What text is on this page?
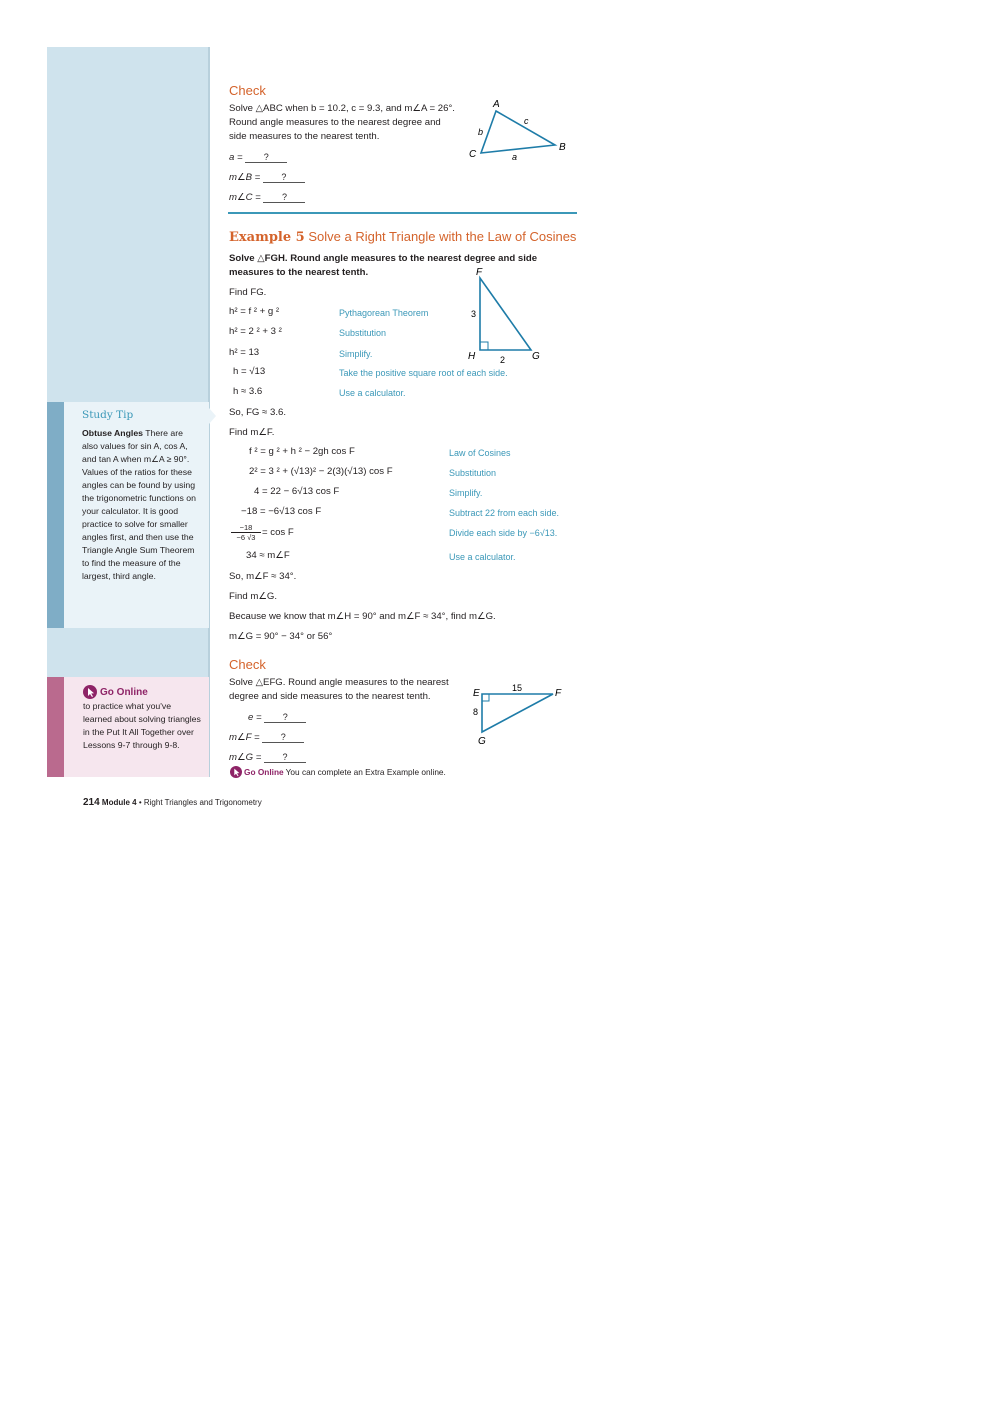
Study Tip
Obtuse Angles There are also values for sin A, cos A, and tan A when m∠A ≥ 90°. Values of the ratios for these angles can be found by using the trigonometric functions on your calculator. It is good practice to solve for smaller angles first, and then use the Triangle Angle Sum Theorem to find the measure of the largest, third angle.
Go Online
to practice what you've learned about solving triangles in the Put It All Together over Lessons 9-7 through 9-8.
Check
Solve △ABC when b = 10.2, c = 9.3, and m∠A = 26°.
Round angle measures to the nearest degree and
side measures to the nearest tenth.
a = ?
m∠B = ?
m∠C = ?
A
B
C	a
b
c
Example 5 Solve a Right Triangle with the Law of Cosines
Solve △FGH. Round angle measures to the nearest degree and side
measures to the nearest tenth.
Find FG.
h² = f ² + g ²	Pythagorean Theorem
h² = 2 ² + 3 ²	Substitution
h² = 13	Simplify.
h = √13	Take the positive square root of each side.
h ≈ 3.6	Use a calculator.
F
G
H
3
2
So, FG ≈ 3.6.
Find m∠F.
f ² = g ² + h ² − 2gh cos F	Law of Cosines
2² = 3 ² + (√13)² − 2(3)(√13) cos F	Substitution
4 = 22 − 6√13 cos F	Simplify.
−18 = −6√13 cos F	Subtract 22 from each side.
$\frac{-18}{-6 √3} = \cos F$	Divide each side by −6√13.
34 ≈ m∠F	Use a calculator.
So, m∠F ≈ 34°.
Find m∠G.
Because we know that m∠H = 90° and m∠F ≈ 34°, find m∠G.
m∠G = 90° − 34° or 56°
Check
Solve △EFG. Round angle measures to the nearest
degree and side measures to the nearest tenth.
e = ?
m∠F = ?
m∠G = ?
E	F
G
15
8
Go Online You can complete an Extra Example online.
214 Module 4 • Right Triangles and Trigonometry
